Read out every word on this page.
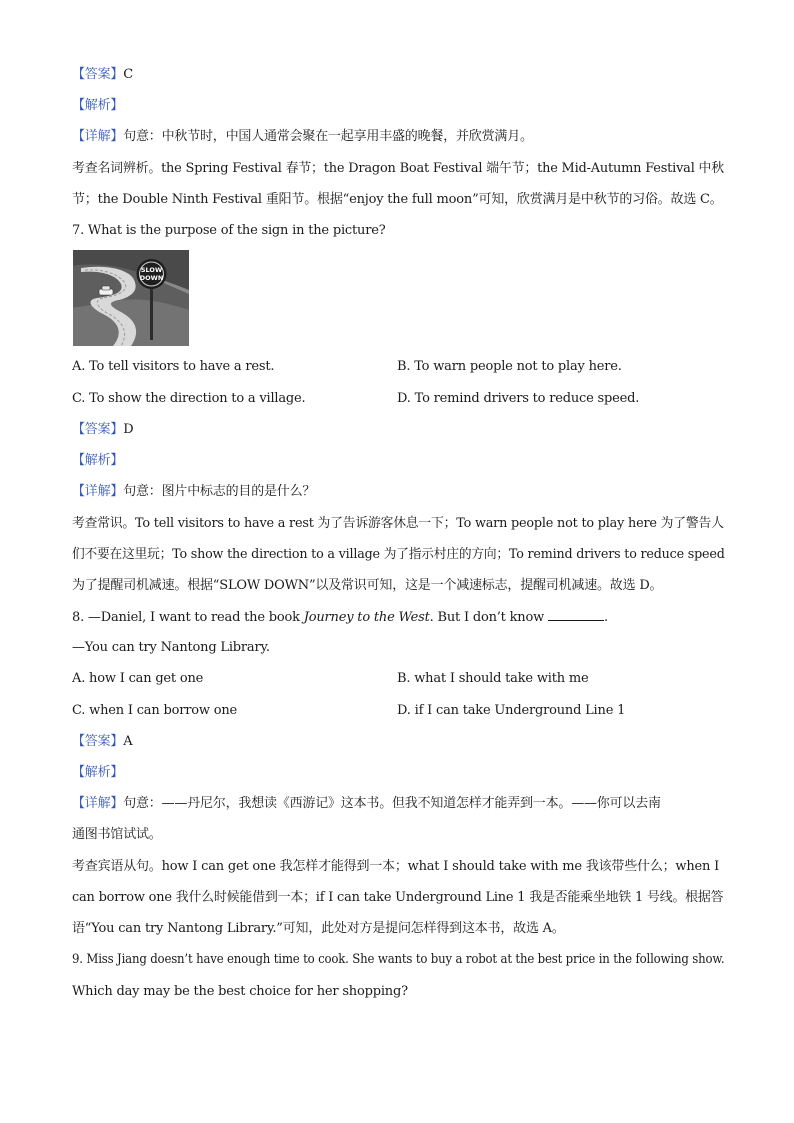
【答案】C
【解析】
【详解】句意：中秋节时，中国人通常会聚在一起享用丰盛的晚餐，并欣赏满月。
考查名词辨析。the Spring Festival 春节；the Dragon Boat Festival 端午节；the Mid-Autumn Festival 中秋
节；the Double Ninth Festival 重阳节。根据“enjoy the full moon”可知，欣赏满月是中秋节的习俗。故选 C。
7. What is the purpose of the sign in the picture?
SLOW
DOWN
A. To tell visitors to have a rest.	B. To warn people not to play here.
C. To show the direction to a village.	D. To remind drivers to reduce speed.
【答案】D
【解析】
【详解】句意：图片中标志的目的是什么？
考查常识。To tell visitors to have a rest 为了告诉游客休息一下；To warn people not to play here 为了警告人
们不要在这里玩；To show the direction to a village 为了指示村庄的方向；To remind drivers to reduce speed
为了提醒司机减速。根据“SLOW DOWN”以及常识可知，这是一个减速标志，提醒司机减速。故选 D。
8. —Daniel, I want to read the book Journey to the West. But I don’t know	.
—You can try Nantong Library.
A. how I can get one	B. what I should take with me
C. when I can borrow one	D. if I can take Underground Line 1
【答案】A
【解析】
【详解】句意：——丹尼尔，我想读《西游记》这本书。但我不知道怎样才能弄到一本。——你可以去南
通图书馆试试。
考查宾语从句。how I can get one 我怎样才能得到一本；what I should take with me 我该带些什么；when I
can borrow one 我什么时候能借到一本；if I can take Underground Line 1 我是否能乘坐地铁 1 号线。根据答
语“You can try Nantong Library.”可知，此处对方是提问怎样得到这本书，故选 A。
9. Miss Jiang doesn’t have enough time to cook. She wants to buy a robot at the best price in the following show.
Which day may be the best choice for her shopping?
